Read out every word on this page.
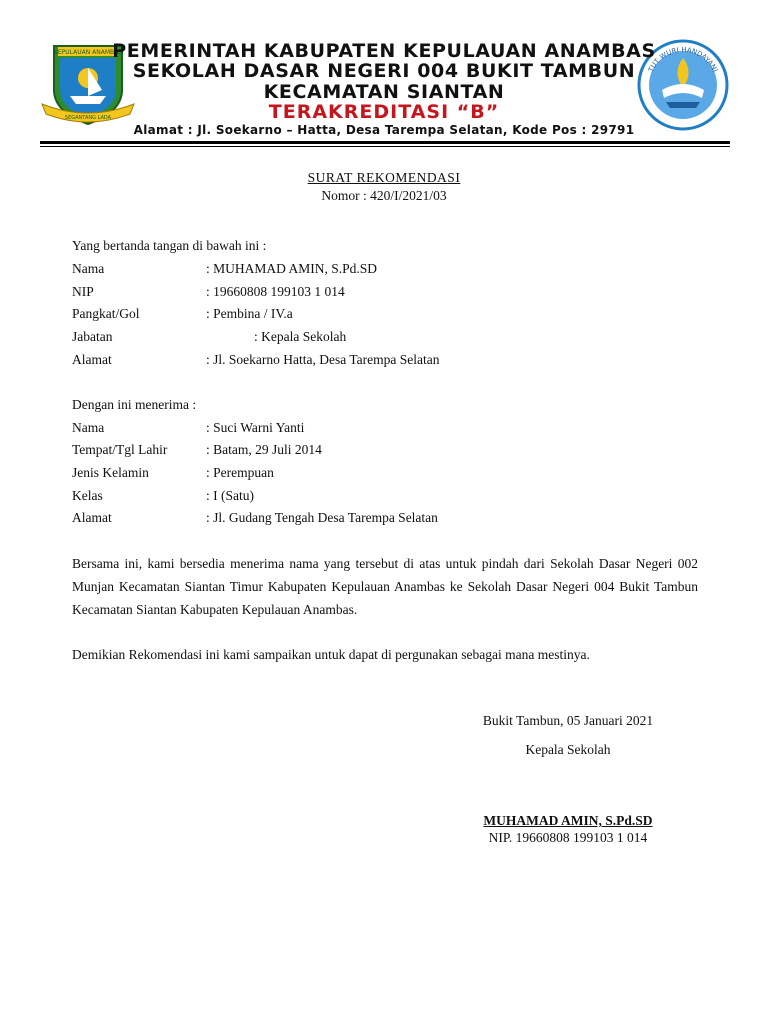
KEPULAUAN ANAMBAS
SEGANTANG LADA
TUT WURI HANDAYANI
PEMERINTAH KABUPATEN KEPULAUAN ANAMBAS
SEKOLAH DASAR NEGERI 004 BUKIT TAMBUN
KECAMATAN SIANTAN
TERAKREDITASI “B”
Alamat : Jl. Soekarno – Hatta, Desa Tarempa Selatan, Kode Pos : 29791
SURAT REKOMENDASI
Nomor : 420/I/2021/03
Yang bertanda tangan di bawah ini :
Nama	: MUHAMAD AMIN, S.Pd.SD
NIP	: 19660808 199103 1 014
Pangkat/Gol	: Pembina / IV.a
Jabatan	: Kepala Sekolah
Alamat	: Jl. Soekarno Hatta, Desa Tarempa Selatan
Dengan ini menerima :
Nama	: Suci Warni Yanti
Tempat/Tgl Lahir	: Batam, 29 Juli 2014
Jenis Kelamin	: Perempuan
Kelas	: I (Satu)
Alamat	: Jl. Gudang Tengah Desa Tarempa Selatan
Bersama ini, kami bersedia menerima nama yang tersebut di atas untuk pindah dari Sekolah Dasar Negeri 002 Munjan Kecamatan Siantan Timur Kabupaten Kepulauan Anambas ke Sekolah Dasar Negeri 004 Bukit Tambun Kecamatan Siantan Kabupaten Kepulauan Anambas.
Demikian Rekomendasi ini kami sampaikan untuk dapat di pergunakan sebagai mana mestinya.
Bukit Tambun, 05 Januari 2021
Kepala Sekolah
MUHAMAD AMIN, S.Pd.SD
NIP. 19660808 199103 1 014
